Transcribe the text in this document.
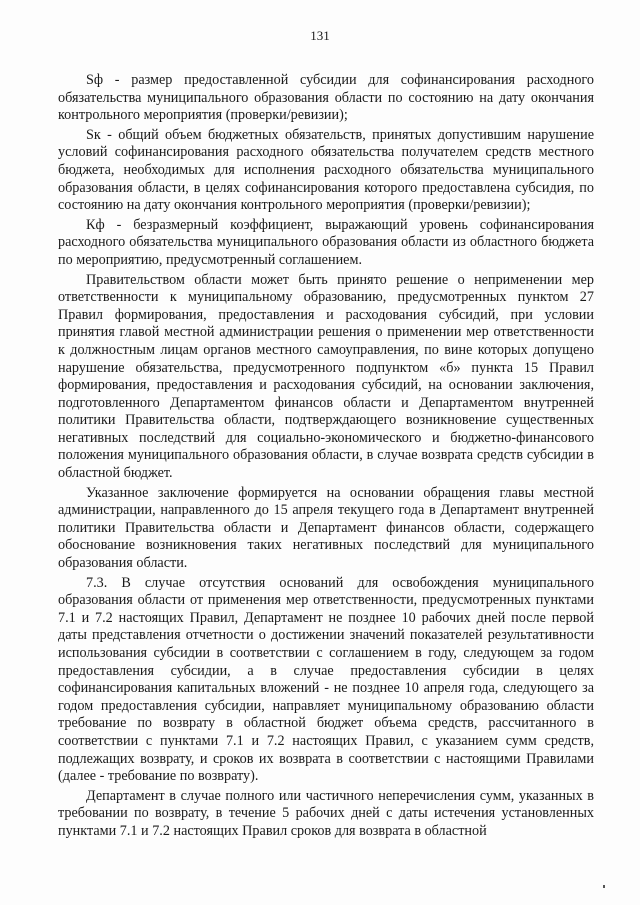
131

Sф - размер предоставленной субсидии для софинансирования расходного обязательства муниципального образования области по состоянию на дату окончания контрольного мероприятия (проверки/ревизии);

Sк - общий объем бюджетных обязательств, принятых допустившим нарушение условий софинансирования расходного обязательства получателем средств местного бюджета, необходимых для исполнения расходного обязательства муниципального образования области, в целях софинансирования которого предоставлена субсидия, по состоянию на дату окончания контрольного мероприятия (проверки/ревизии);

Кф - безразмерный коэффициент, выражающий уровень софинансирования расходного обязательства муниципального образования области из областного бюджета по мероприятию, предусмотренный соглашением.

Правительством области может быть принято решение о неприменении мер ответственности к муниципальному образованию, предусмотренных пунктом 27 Правил формирования, предоставления и расходования субсидий, при условии принятия главой местной администрации решения о применении мер ответственности к должностным лицам органов местного самоуправления, по вине которых допущено нарушение обязательства, предусмотренного подпунктом «б» пункта 15 Правил формирования, предоставления и расходования субсидий, на основании заключения, подготовленного Департаментом финансов области и Департаментом внутренней политики Правительства области, подтверждающего возникновение существенных негативных последствий для социально-экономического и бюджетно-финансового положения муниципального образования области, в случае возврата средств субсидии в областной бюджет.

Указанное заключение формируется на основании обращения главы местной администрации, направленного до 15 апреля текущего года в Департамент внутренней политики Правительства области и Департамент финансов области, содержащего обоснование возникновения таких негативных последствий для муниципального образования области.

7.3. В случае отсутствия оснований для освобождения муниципального образования области от применения мер ответственности, предусмотренных пунктами 7.1 и 7.2 настоящих Правил, Департамент не позднее 10 рабочих дней после первой даты представления отчетности о достижении значений показателей результативности использования субсидии в соответствии с соглашением в году, следующем за годом предоставления субсидии, а в случае предоставления субсидии в целях софинансирования капитальных вложений - не позднее 10 апреля года, следующего за годом предоставления субсидии, направляет муниципальному образованию области требование по возврату в областной бюджет объема средств, рассчитанного в соответствии с пунктами 7.1 и 7.2 настоящих Правил, с указанием сумм средств, подлежащих возврату, и сроков их возврата в соответствии с настоящими Правилами (далее - требование по возврату).

Департамент в случае полного или частичного неперечисления сумм, указанных в требовании по возврату, в течение 5 рабочих дней с даты истечения установленных пунктами 7.1 и 7.2 настоящих Правил сроков для возврата в областной
